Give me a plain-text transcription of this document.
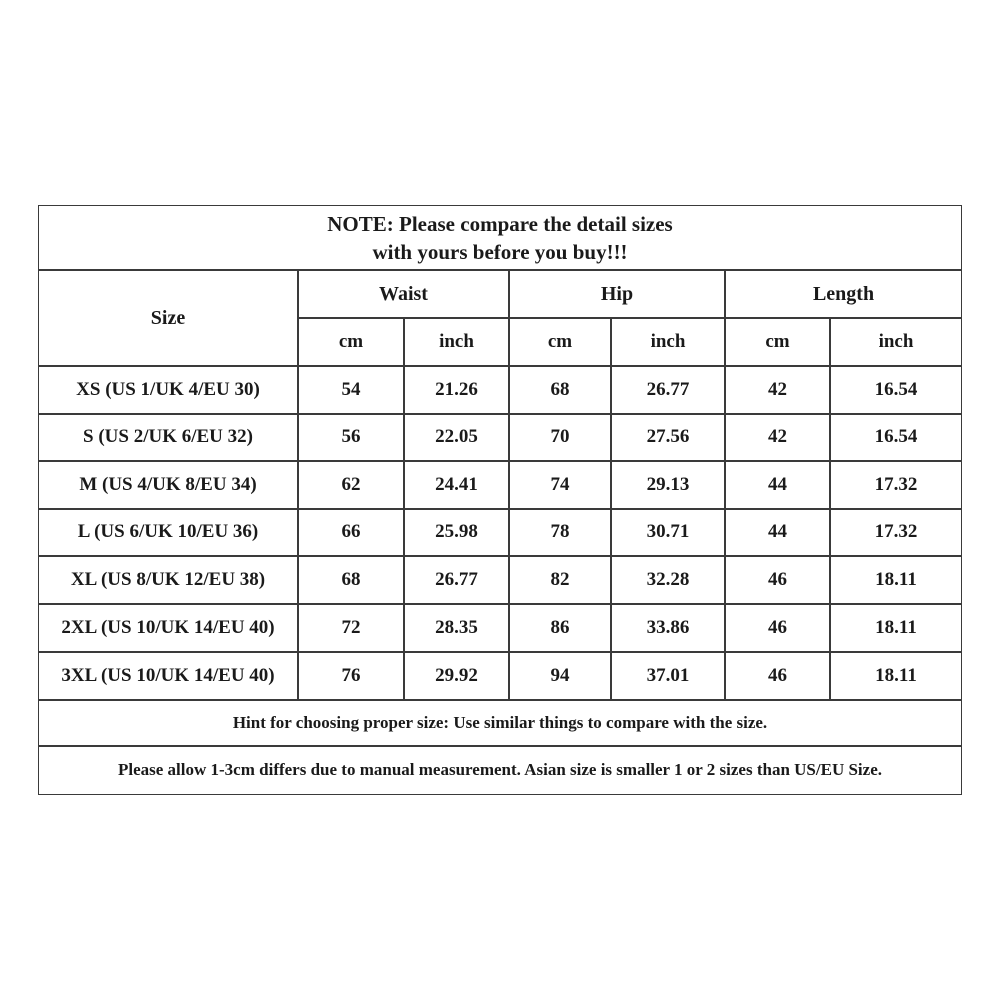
NOTE: Please compare the detail sizes
with yours before you buy!!!
Size
Waist	Hip	Length
cm	inch	cm	inch	cm	inch
XS (US 1/UK 4/EU 30)	54	21.26	68	26.77	42	16.54
S (US 2/UK 6/EU 32)	56	22.05	70	27.56	42	16.54
M (US 4/UK 8/EU 34)	62	24.41	74	29.13	44	17.32
L (US 6/UK 10/EU 36)	66	25.98	78	30.71	44	17.32
XL (US 8/UK 12/EU 38)	68	26.77	82	32.28	46	18.11
2XL (US 10/UK 14/EU 40)	72	28.35	86	33.86	46	18.11
3XL (US 10/UK 14/EU 40)	76	29.92	94	37.01	46	18.11
Hint for choosing proper size: Use similar things to compare with the size.
Please allow 1-3cm differs due to manual measurement. Asian size is smaller 1 or 2 sizes than US/EU Size.
